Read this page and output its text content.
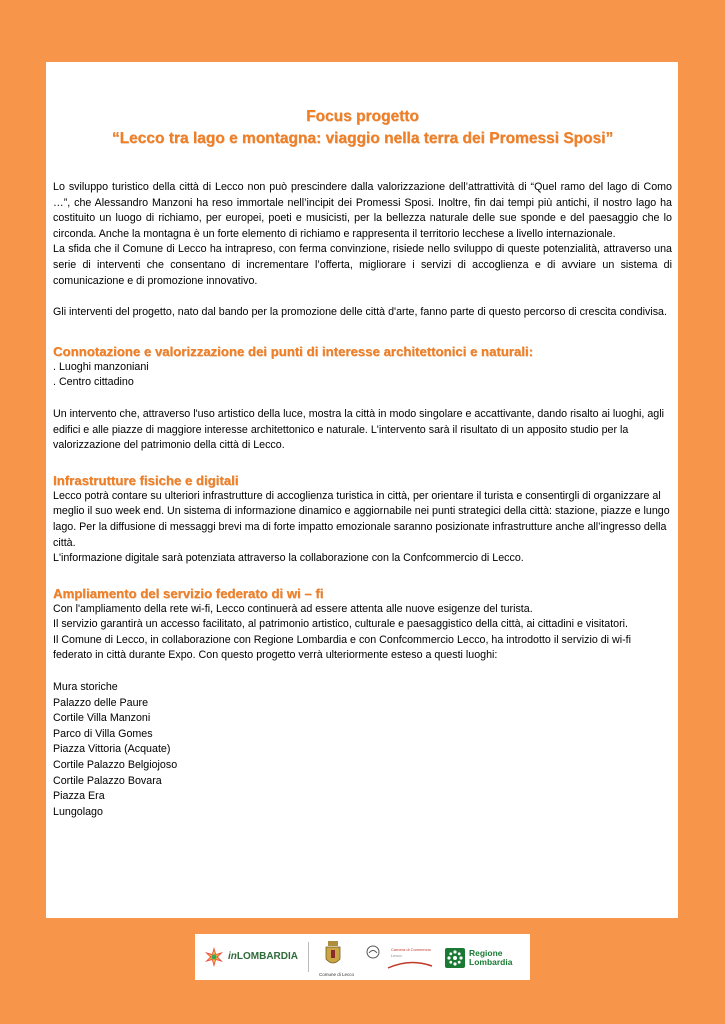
Focus progetto

“Lecco tra lago e montagna: viaggio nella terra dei Promessi Sposi”

Lo sviluppo turistico della città di Lecco non può prescindere dalla valorizzazione dell’attrattività di “Quel ramo del lago di Como …”, che Alessandro Manzoni ha reso immortale nell’incipit dei Promessi Sposi. Inoltre, fin dai tempi più antichi, il nostro lago ha costituito un luogo di richiamo, per europei, poeti e musicisti, per la bellezza naturale delle sue sponde e del paesaggio che lo circonda. Anche la montagna è un forte elemento di richiamo e rappresenta il territorio lecchese a livello internazionale.

La sfida che il Comune di Lecco ha intrapreso, con ferma convinzione, risiede nello sviluppo di queste potenzialità, attraverso una serie di interventi che consentano di incrementare l’offerta, migliorare i servizi di accoglienza e di avviare un sistema di comunicazione e di promozione innovativo.

Gli interventi del progetto, nato dal bando per la promozione delle città d'arte, fanno parte di questo percorso di crescita condivisa.

Connotazione e valorizzazione dei punti di interesse architettonici e naturali:

. Luoghi manzoniani
. Centro cittadino

Un intervento che, attraverso l'uso artistico della luce, mostra la città in modo singolare e accattivante, dando risalto ai luoghi, agli edifici e alle piazze di maggiore interesse architettonico e naturale. L'intervento sarà il risultato di un apposito studio per la valorizzazione del patrimonio della città di Lecco.

Infrastrutture fisiche e digitali

Lecco potrà contare su ulteriori infrastrutture di accoglienza turistica in città, per orientare il turista e consentirgli di organizzare al meglio il suo week end. Un sistema di informazione dinamico e aggiornabile nei punti strategici della città: stazione, piazze e lungo lago. Per la diffusione di messaggi brevi ma di forte impatto emozionale saranno posizionate infrastrutture anche all’ingresso della città.

L'informazione digitale sarà potenziata attraverso la collaborazione con la Confcommercio di Lecco.

Ampliamento del servizio federato di wi – fi

Con l'ampliamento della rete wi-fi, Lecco continuerà ad essere attenta alle nuove esigenze del turista.

Il servizio garantirà un accesso facilitato, al patrimonio artistico, culturale e paesaggistico della città, ai cittadini e visitatori.

Il Comune di Lecco, in collaborazione con Regione Lombardia e con Confcommercio Lecco, ha introdotto il servizio di wi-fi federato in città durante Expo. Con questo progetto verrà ulteriormente esteso a questi luoghi:

Mura storiche
Palazzo delle Paure
Cortile Villa Manzoni
Parco di Villa Gomes
Piazza Vittoria (Acquate)
Cortile Palazzo Belgiojoso
Cortile Palazzo Bovara
Piazza Era
Lungolago
inLOMBARDIA
Comune di Lecco
Camera di Commercio
Lecco	Regione
Lombardia
